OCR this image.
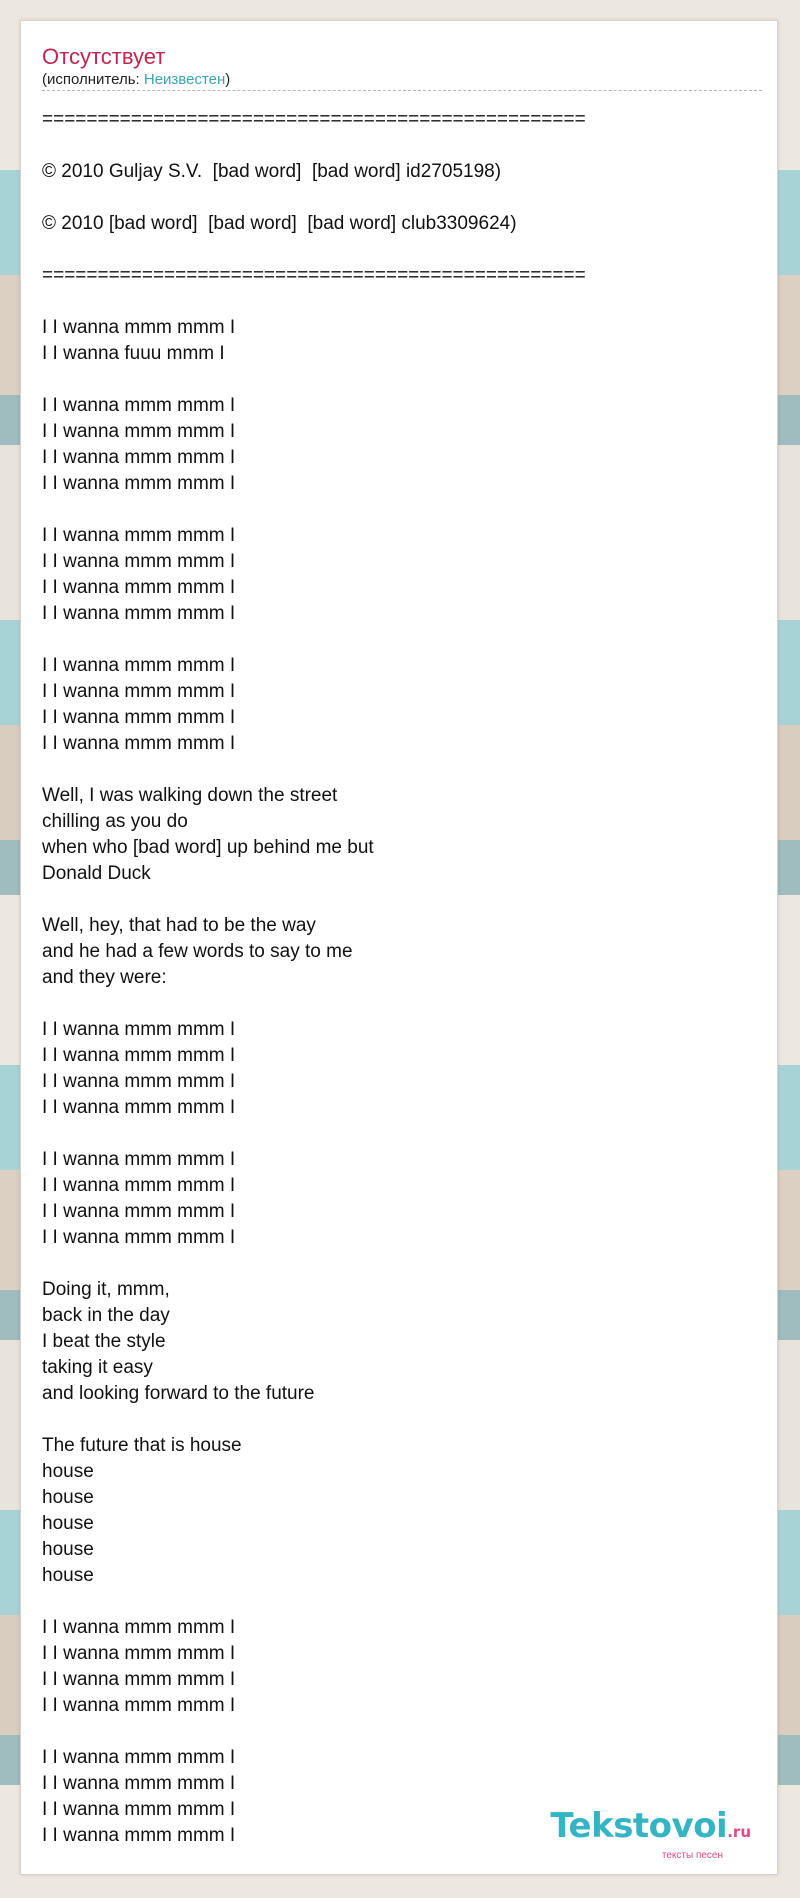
Отсутствует
(исполнитель: Неизвестен)
=================================================

© 2010 Guljay S.V.  [bad word]  [bad word] id2705198)

© 2010 [bad word]  [bad word]  [bad word] club3309624)

=================================================

I I wanna mmm mmm I
I I wanna fuuu mmm I

I I wanna mmm mmm I
I I wanna mmm mmm I
I I wanna mmm mmm I
I I wanna mmm mmm I

I I wanna mmm mmm I
I I wanna mmm mmm I
I I wanna mmm mmm I
I I wanna mmm mmm I

I I wanna mmm mmm I
I I wanna mmm mmm I
I I wanna mmm mmm I
I I wanna mmm mmm I

Well, I was walking down the street
chilling as you do
when who [bad word] up behind me but
Donald Duck

Well, hey, that had to be the way
and he had a few words to say to me
and they were:

I I wanna mmm mmm I
I I wanna mmm mmm I
I I wanna mmm mmm I
I I wanna mmm mmm I

I I wanna mmm mmm I
I I wanna mmm mmm I
I I wanna mmm mmm I
I I wanna mmm mmm I

Doing it, mmm,
back in the day
I beat the style
taking it easy
and looking forward to the future

The future that is house
house
house
house
house
house

I I wanna mmm mmm I
I I wanna mmm mmm I
I I wanna mmm mmm I
I I wanna mmm mmm I

I I wanna mmm mmm I
I I wanna mmm mmm I
I I wanna mmm mmm I
I I wanna mmm mmm I	Tekstovoi.ru
тексты песен
